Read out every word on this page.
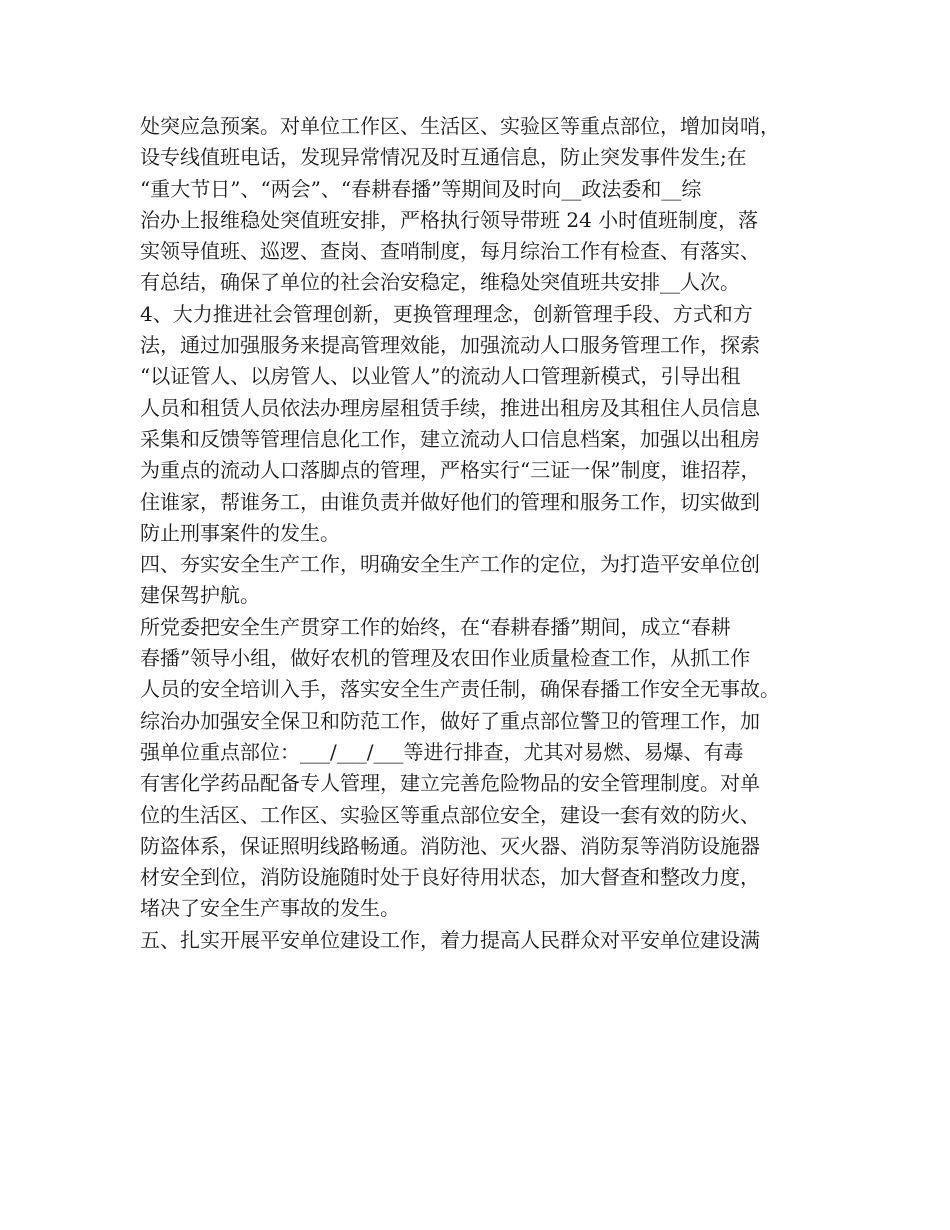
处突应急预案。对单位工作区、生活区、实验区等重点部位，增加岗哨，
设专线值班电话，发现异常情况及时互通信息，防止突发事件发生;在
“重大节日”、“两会”、“春耕春播”等期间及时向__政法委和__综
治办上报维稳处突值班安排，严格执行领导带班 24 小时值班制度，落
实领导值班、巡逻、查岗、查哨制度，每月综治工作有检查、有落实、
有总结，确保了单位的社会治安稳定，维稳处突值班共安排__人次。
4、大力推进社会管理创新，更换管理理念，创新管理手段、方式和方
法，通过加强服务来提高管理效能，加强流动人口服务管理工作，探索
“以证管人、以房管人、以业管人”的流动人口管理新模式，引导出租
人员和租赁人员依法办理房屋租赁手续，推进出租房及其租住人员信息
采集和反馈等管理信息化工作，建立流动人口信息档案，加强以出租房
为重点的流动人口落脚点的管理，严格实行“三证一保”制度，谁招荐，
住谁家，帮谁务工，由谁负责并做好他们的管理和服务工作，切实做到
防止刑事案件的发生。
四、夯实安全生产工作，明确安全生产工作的定位，为打造平安单位创
建保驾护航。
所党委把安全生产贯穿工作的始终，在“春耕春播”期间，成立“春耕
春播”领导小组，做好农机的管理及农田作业质量检查工作，从抓工作
人员的安全培训入手，落实安全生产责任制，确保春播工作安全无事故。
综治办加强安全保卫和防范工作，做好了重点部位警卫的管理工作，加
强单位重点部位：___/___/___等进行排查，尤其对易燃、易爆、有毒
有害化学药品配备专人管理，建立完善危险物品的安全管理制度。对单
位的生活区、工作区、实验区等重点部位安全，建设一套有效的防火、
防盗体系，保证照明线路畅通。消防池、灭火器、消防泵等消防设施器
材安全到位，消防设施随时处于良好待用状态，加大督查和整改力度，
堵决了安全生产事故的发生。
五、扎实开展平安单位建设工作，着力提高人民群众对平安单位建设满
